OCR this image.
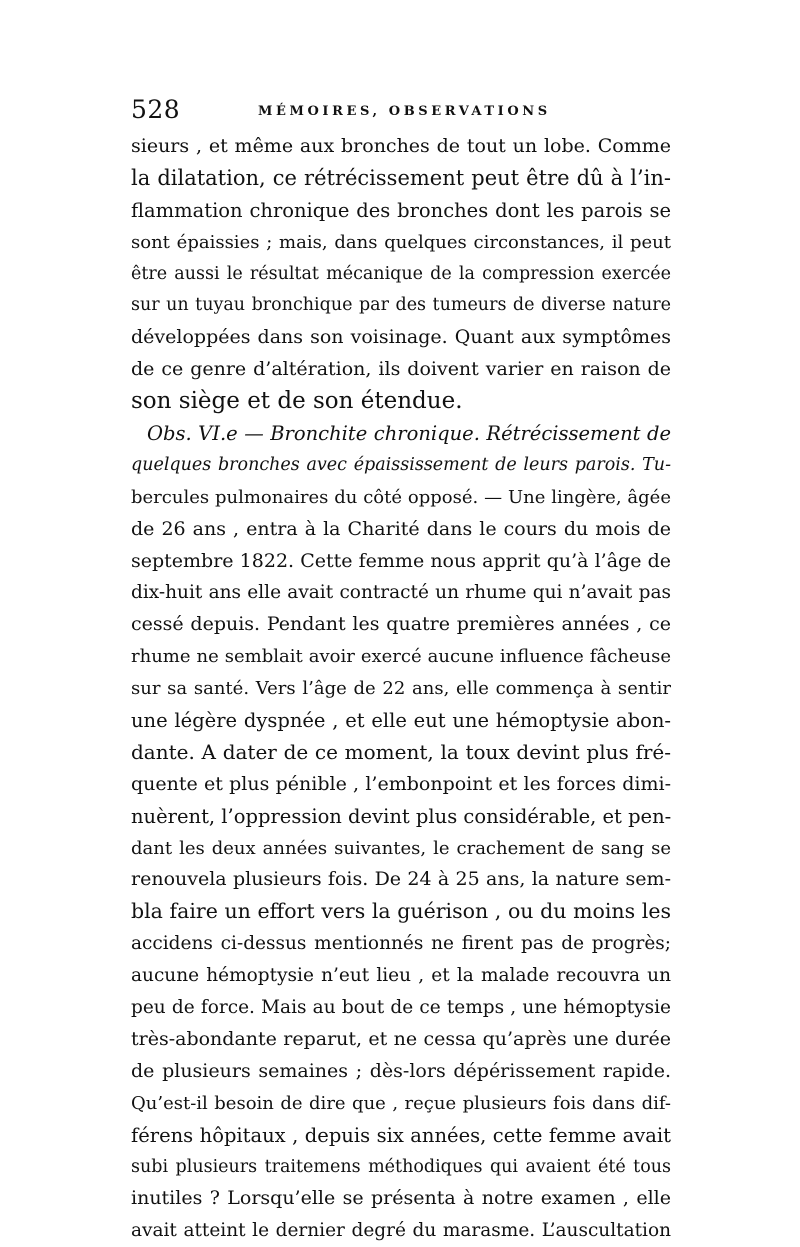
528	MÉMOIRES, OBSERVATIONS
sieurs , et même aux bronches de tout un lobe. Comme
la dilatation, ce rétrécissement peut être dû à l’in-
flammation chronique des bronches dont les parois se
sont épaissies ; mais, dans quelques circonstances, il peut
être aussi le résultat mécanique de la compression exercée
sur un tuyau bronchique par des tumeurs de diverse nature
développées dans son voisinage. Quant aux symptômes
de ce genre d’altération, ils doivent varier en raison de
son siège et de son étendue.
Obs. VI.e — Bronchite chronique. Rétrécissement de
quelques bronches avec épaississement de leurs parois. Tu-
bercules pulmonaires du côté opposé. — Une lingère, âgée
de 26 ans , entra à la Charité dans le cours du mois de
septembre 1822. Cette femme nous apprit qu’à l’âge de
dix-huit ans elle avait contracté un rhume qui n’avait pas
cessé depuis. Pendant les quatre premières années , ce
rhume ne semblait avoir exercé aucune influence fâcheuse
sur sa santé. Vers l’âge de 22 ans, elle commença à sentir
une légère dyspnée , et elle eut une hémoptysie abon-
dante. A dater de ce moment, la toux devint plus fré-
quente et plus pénible , l’embonpoint et les forces dimi-
nuèrent, l’oppression devint plus considérable, et pen-
dant les deux années suivantes, le crachement de sang se
renouvela plusieurs fois. De 24 à 25 ans, la nature sem-
bla faire un effort vers la guérison , ou du moins les
accidens ci-dessus mentionnés ne firent pas de progrès;
aucune hémoptysie n’eut lieu , et la malade recouvra un
peu de force. Mais au bout de ce temps , une hémoptysie
très-abondante reparut, et ne cessa qu’après une durée
de plusieurs semaines ; dès-lors dépérissement rapide.
Qu’est-il besoin de dire que , reçue plusieurs fois dans dif-
férens hôpitaux , depuis six années, cette femme avait
subi plusieurs traitemens méthodiques qui avaient été tous
inutiles ? Lorsqu’elle se présenta à notre examen , elle
avait atteint le dernier degré du marasme. L’auscultation
